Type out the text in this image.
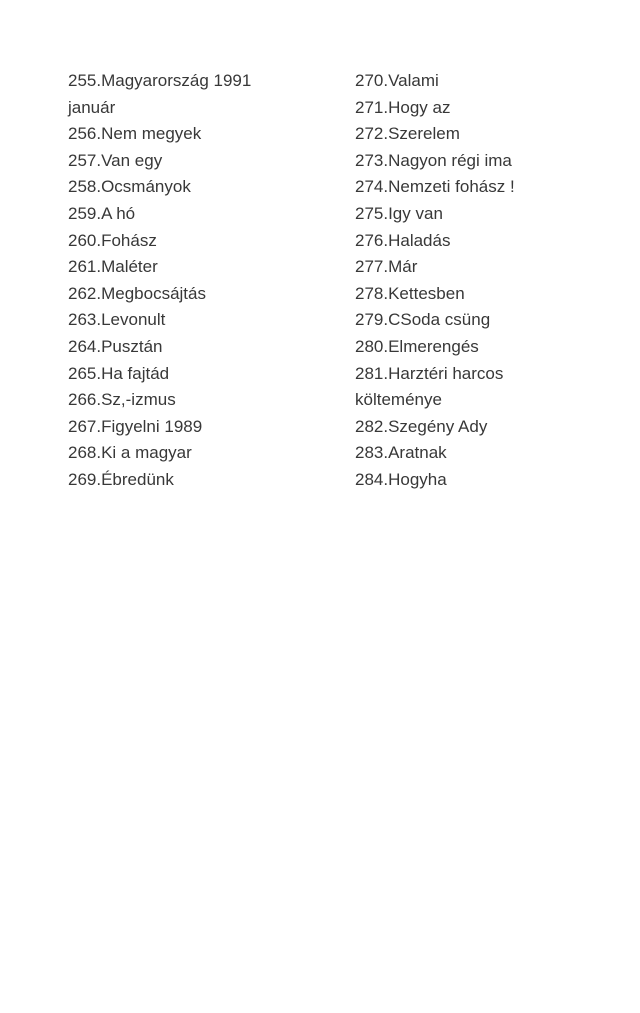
255.Magyarország 1991
január
256.Nem megyek
257.Van egy
258.Ocsmányok
259.A hó
260.Fohász
261.Maléter
262.Megbocsájtás
263.Levonult
264.Pusztán
265.Ha fajtád
266.Sz,-izmus
267.Figyelni 1989
268.Ki a magyar
269.Ébredünk
270.Valami
271.Hogy az
272.Szerelem
273.Nagyon régi ima
274.Nemzeti fohász !
275.Igy van
276.Haladás
277.Már
278.Kettesben
279.CSoda csüng
280.Elmerengés
281.Harztéri harcos
költeménye
282.Szegény Ady
283.Aratnak
284.Hogyha
